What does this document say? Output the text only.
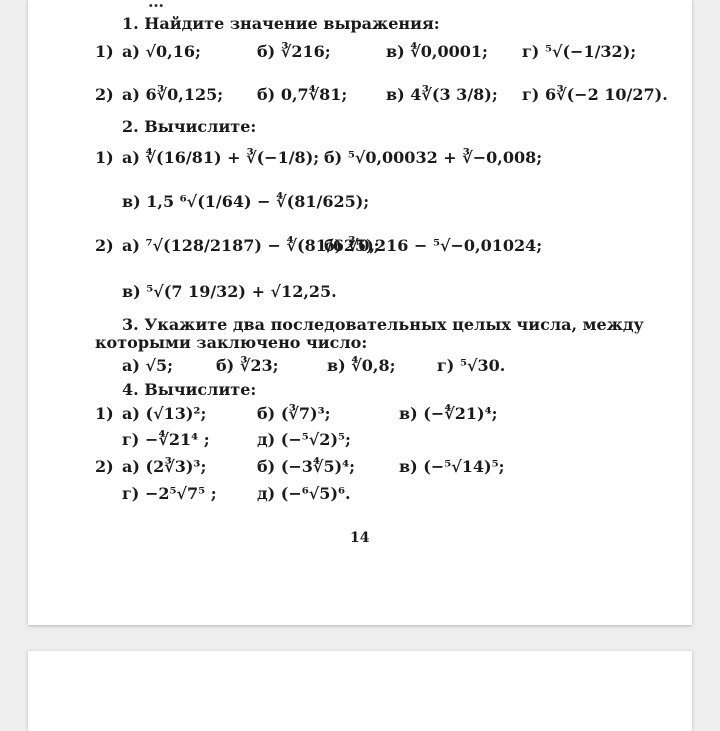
…
1. Найдите значение выражения:
1) а) √0,16;	б) ∛216;	в) ∜0,0001; г) ⁵√(−1/32);
2) а) 6∛0,125; б) 0,7∜81; в) 4∛(3 3/8); г) 6∛(−2 10/27).
2. Вычислите:
1) а) ∜(16/81) + ∛(−1/8); б) ⁵√0,00032 + ∛−0,008;
в) 1,5 ⁶√(1/64) − ∜(81/625);
2) а) ⁷√(128/2187) − ∜(81/625);
б) ∛0,216 − ⁵√−0,01024;
в) ⁵√(7 19/32) + √12,25.
3. Укажите два последовательных целых числа, между
которыми заключено число:
а) √5;	б) ∛23;	в) ∜0,8;	г) ⁵√30.
4. Вычислите:
1) а) (√13)²;	б) (∛7)³;	в) (−∜21)⁴;
г) −∜21⁴ ;	д) (−⁵√2)⁵;
2) а) (2∛3)³;	б) (−3∜5)⁴;	в) (−⁵√14)⁵;
г) −2⁵√7⁵ ;	д) (−⁶√5)⁶.
14
